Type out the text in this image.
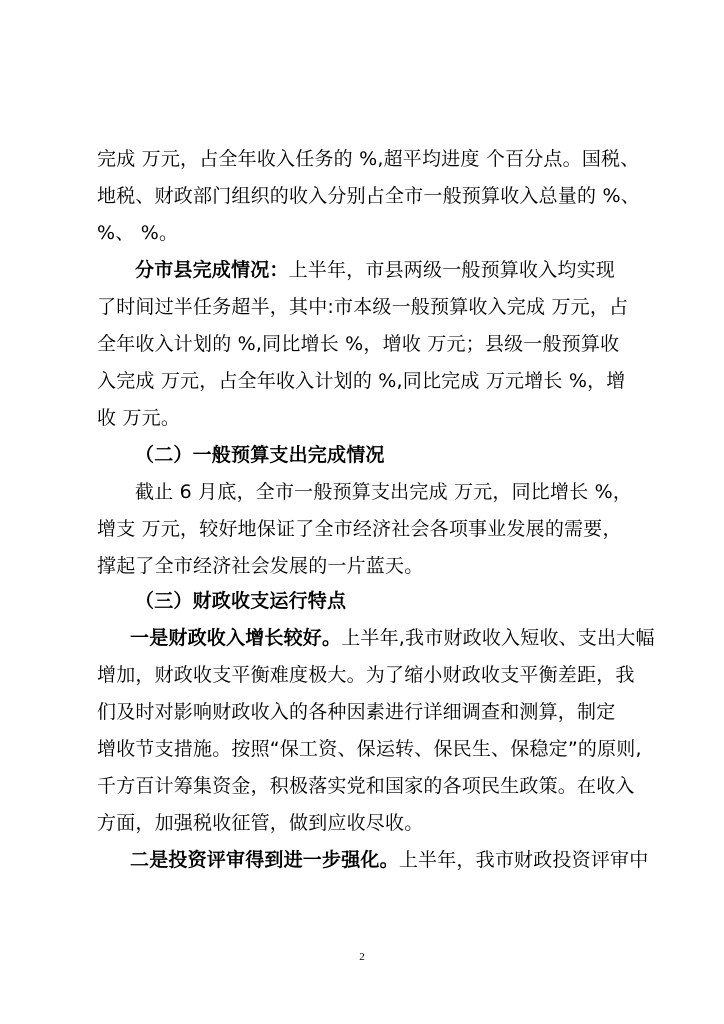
完成 万元，占全年收入任务的 %,超平均进度 个百分点。国税、
地税、财政部门组织的收入分别占全市一般预算收入总量的 %、
%、 %。
分市县完成情况：上半年，市县两级一般预算收入均实现
了时间过半任务超半，其中:市本级一般预算收入完成 万元，占
全年收入计划的 %,同比增长 %，增收 万元；县级一般预算收
入完成 万元，占全年收入计划的 %,同比完成 万元增长 %，增
收 万元。
（二）一般预算支出完成情况
截止 6 月底，全市一般预算支出完成 万元，同比增长 %，
增支 万元，较好地保证了全市经济社会各项事业发展的需要，
撑起了全市经济社会发展的一片蓝天。
（三）财政收支运行特点
一是财政收入增长较好。上半年,我市财政收入短收、支出大幅
增加，财政收支平衡难度极大。为了缩小财政收支平衡差距，我
们及时对影响财政收入的各种因素进行详细调查和测算，制定
增收节支措施。按照“保工资、保运转、保民生、保稳定”的原则,
千方百计筹集资金，积极落实党和国家的各项民生政策。在收入
方面，加强税收征管，做到应收尽收。
二是投资评审得到进一步强化。上半年，我市财政投资评审中
2
